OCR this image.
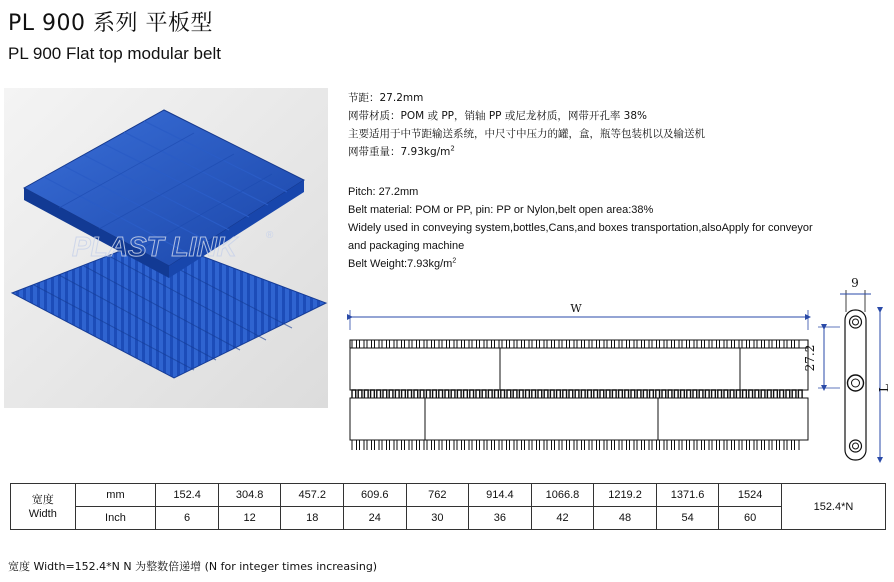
PL 900 系列 平板型
PL 900 Flat top modular belt
PLAST LINK	®

节距：27.2mm

网带材质：POM 或 PP，销轴 PP 或尼龙材质，网带开孔率 38%

主要适用于中节距输送系统，中尺寸中压力的罐，盒，瓶等包装机以及输送机

网带重量：$7.93kg/m^2$

Pitch: 27.2mm

Belt material: POM or PP, pin: PP or Nylon,belt open area:38%

Widely used in conveying system,bottles,Cans,and boxes transportation,alsoApply for conveyor

and packaging machine

Belt $Weight:7.93kg/m^2$

W
27.2
9
L
宽度
Width	mm	152.4	304.8	457.2	609.6	762	914.4	1066.8	1219.2	1371.6	1524	152.4*N
	Inch	6	12	18	24	30	36	42	48	54	60	
宽度 Width=152.4*N N 为整数倍递增 (N for integer times increasing)
